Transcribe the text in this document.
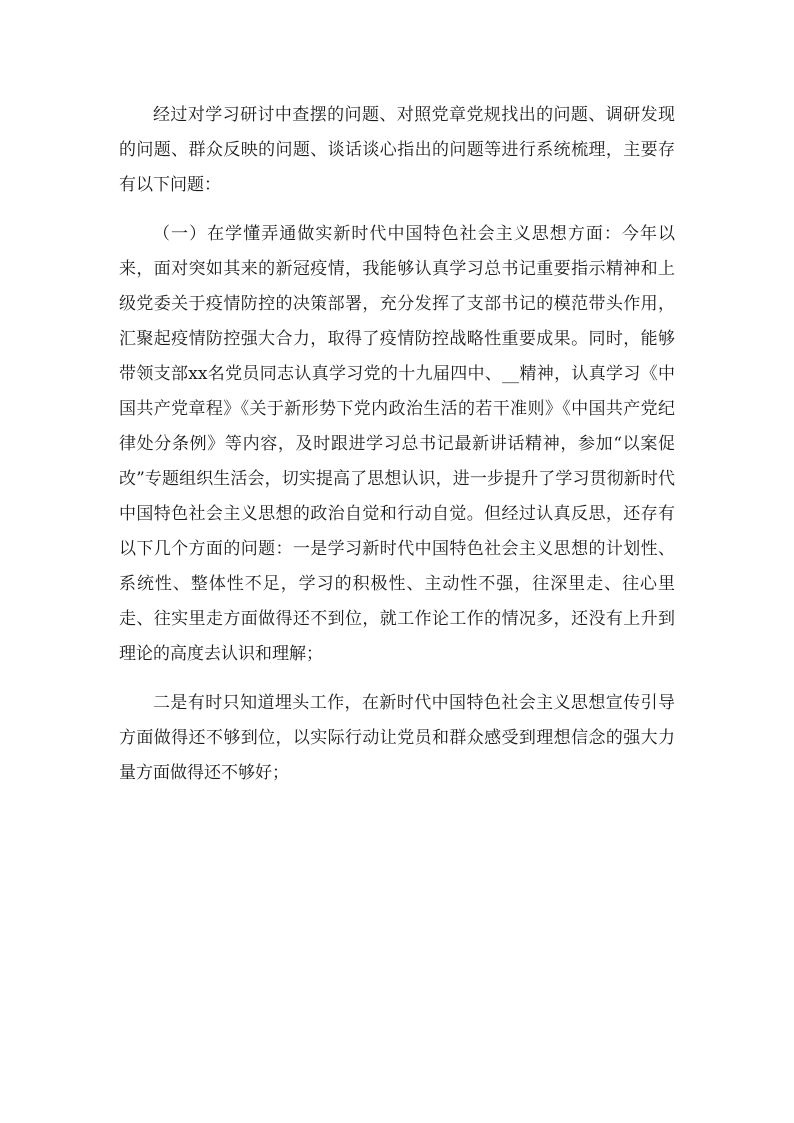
经过对学习研讨中查摆的问题、对照党章党规找出的问题、调研发现的问题、群众反映的问题、谈话谈心指出的问题等进行系统梳理，主要存有以下问题：

（一）在学懂弄通做实新时代中国特色社会主义思想方面：今年以来，面对突如其来的新冠疫情，我能够认真学习总书记重要指示精神和上级党委关于疫情防控的决策部署，充分发挥了支部书记的模范带头作用，汇聚起疫情防控强大合力，取得了疫情防控战略性重要成果。同时，能够带领支部xx名党员同志认真学习党的十九届四中、__精神，认真学习《中国共产党章程》《关于新形势下党内政治生活的若干准则》《中国共产党纪律处分条例》等内容，及时跟进学习总书记最新讲话精神，参加“以案促改”专题组织生活会，切实提高了思想认识，进一步提升了学习贯彻新时代中国特色社会主义思想的政治自觉和行动自觉。但经过认真反思，还存有以下几个方面的问题：一是学习新时代中国特色社会主义思想的计划性、系统性、整体性不足，学习的积极性、主动性不强，往深里走、往心里走、往实里走方面做得还不到位，就工作论工作的情况多，还没有上升到理论的高度去认识和理解；

二是有时只知道埋头工作，在新时代中国特色社会主义思想宣传引导方面做得还不够到位，以实际行动让党员和群众感受到理想信念的强大力量方面做得还不够好；
